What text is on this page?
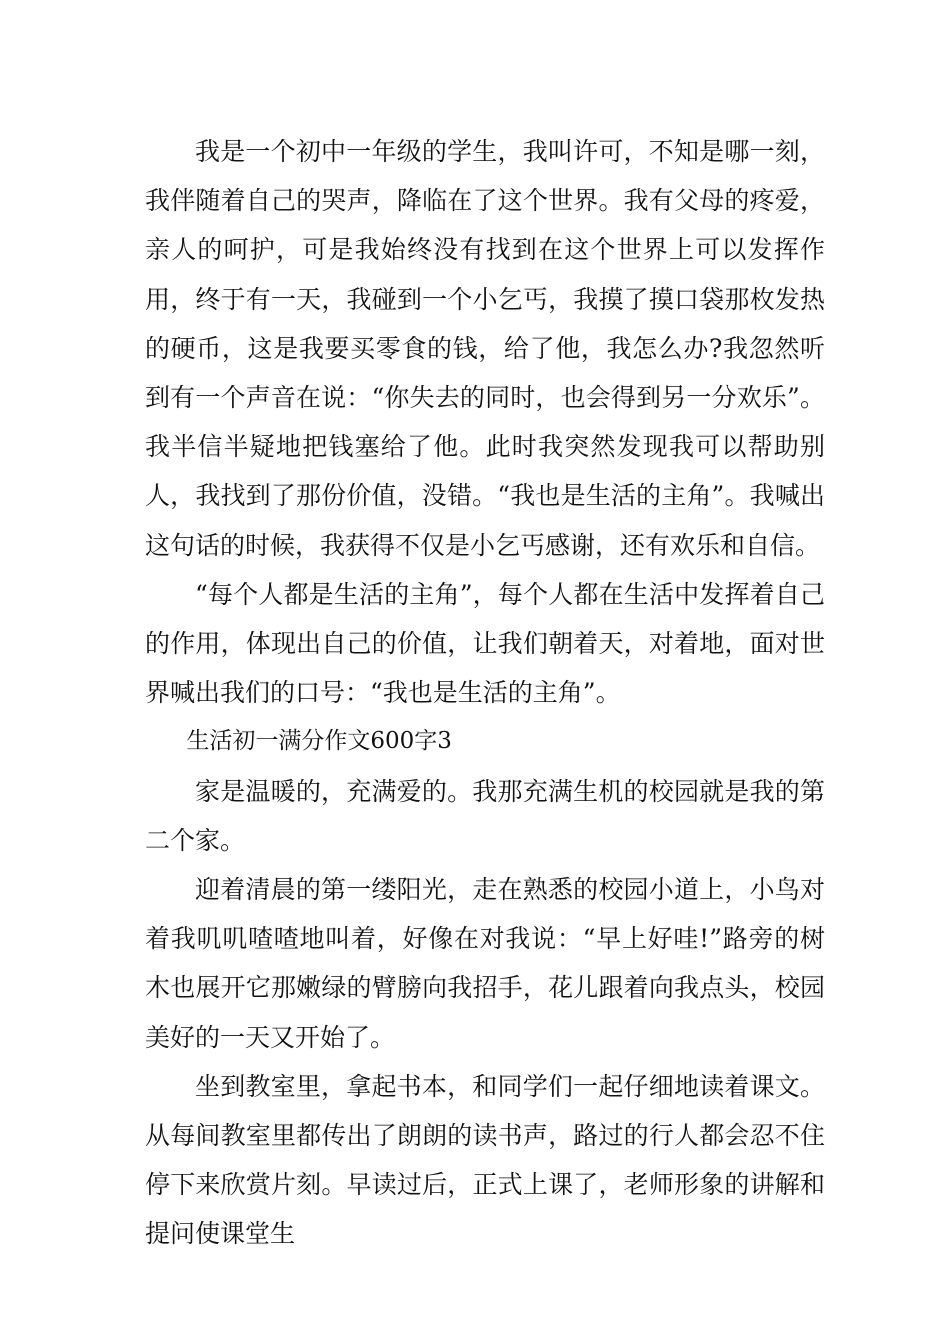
我是一个初中一年级的学生，我叫许可，不知是哪一刻，我伴随着自己的哭声，降临在了这个世界。我有父母的疼爱，亲人的呵护，可是我始终没有找到在这个世界上可以发挥作用，终于有一天，我碰到一个小乞丐，我摸了摸口袋那枚发热的硬币，这是我要买零食的钱，给了他，我怎么办?我忽然听到有一个声音在说：“你失去的同时，也会得到另一分欢乐”。我半信半疑地把钱塞给了他。此时我突然发现我可以帮助别人，我找到了那份价值，没错。“我也是生活的主角”。我喊出这句话的时候，我获得不仅是小乞丐感谢，还有欢乐和自信。

“每个人都是生活的主角”，每个人都在生活中发挥着自己的作用，体现出自己的价值，让我们朝着天，对着地，面对世界喊出我们的口号：“我也是生活的主角”。

生活初一满分作文600字3

家是温暖的，充满爱的。我那充满生机的校园就是我的第二个家。

迎着清晨的第一缕阳光，走在熟悉的校园小道上，小鸟对着我叽叽喳喳地叫着，好像在对我说：“早上好哇!”路旁的树木也展开它那嫩绿的臂膀向我招手，花儿跟着向我点头，校园美好的一天又开始了。

坐到教室里，拿起书本，和同学们一起仔细地读着课文。从每间教室里都传出了朗朗的读书声，路过的行人都会忍不住停下来欣赏片刻。早读过后，正式上课了，老师形象的讲解和提问使课堂生
